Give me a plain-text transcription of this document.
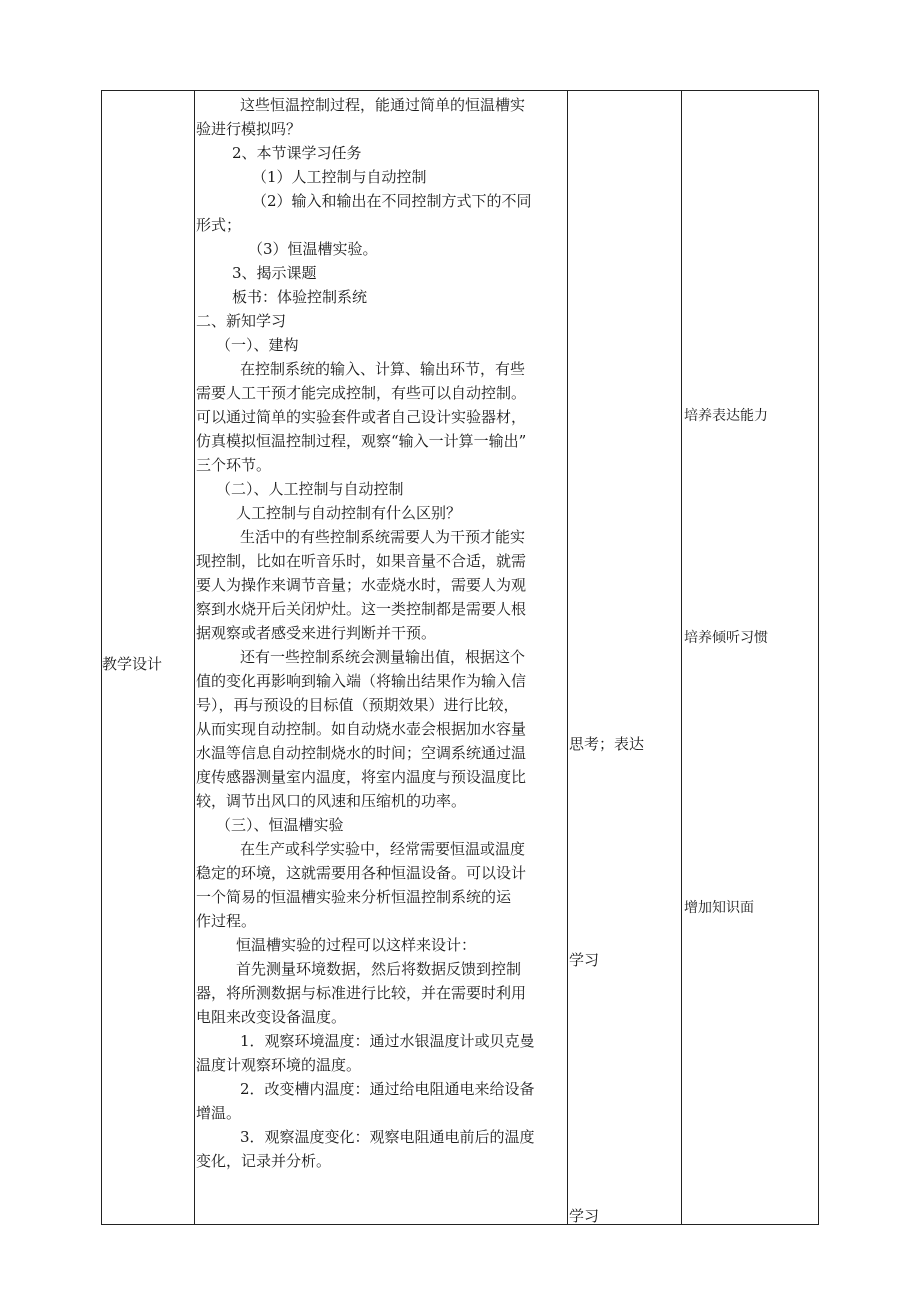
教学设计
这些恒温控制过程，能通过简单的恒温槽实
验进行模拟吗？
2、本节课学习任务
（1）人工控制与自动控制
（2）输入和输出在不同控制方式下的不同
形式；
（3）恒温槽实验。
3、揭示课题
板书：体验控制系统
二、新知学习
（一）、建构
在控制系统的输入、计算、输出环节，有些
需要人工干预才能完成控制，有些可以自动控制。
可以通过简单的实验套件或者自己设计实验器材，
仿真模拟恒温控制过程，观察“输入一计算一输出”
三个环节。
（二）、人工控制与自动控制
人工控制与自动控制有什么区别？
生活中的有些控制系统需要人为干预才能实
现控制，比如在听音乐时，如果音量不合适，就需
要人为操作来调节音量；水壶烧水时，需要人为观
察到水烧开后关闭炉灶。这一类控制都是需要人根
据观察或者感受来进行判断并干预。
还有一些控制系统会测量输出值，根据这个
值的变化再影响到输入端（将输出结果作为输入信
号），再与预设的目标值（预期效果）进行比较，
从而实现自动控制。如自动烧水壶会根据加水容量
水温等信息自动控制烧水的时间；空调系统通过温
度传感器测量室内温度，将室内温度与预设温度比
较，调节出风口的风速和压缩机的功率。
（三）、恒温槽实验
在生产或科学实验中，经常需要恒温或温度
稳定的环境，这就需要用各种恒温设备。可以设计
一个简易的恒温槽实验来分析恒温控制系统的运
作过程。
恒温槽实验的过程可以这样来设计：
首先测量环境数据，然后将数据反馈到控制
器，将所测数据与标准进行比较，并在需要时利用
电阻来改变设备温度。
1．观察环境温度：通过水银温度计或贝克曼
温度计观察环境的温度。
2．改变槽内温度：通过给电阻通电来给设备
增温。
3．观察温度变化：观察电阻通电前后的温度
变化，记录并分析。
思考；表达
学习
学习
培养表达能力
培养倾听习惯
增加知识面
